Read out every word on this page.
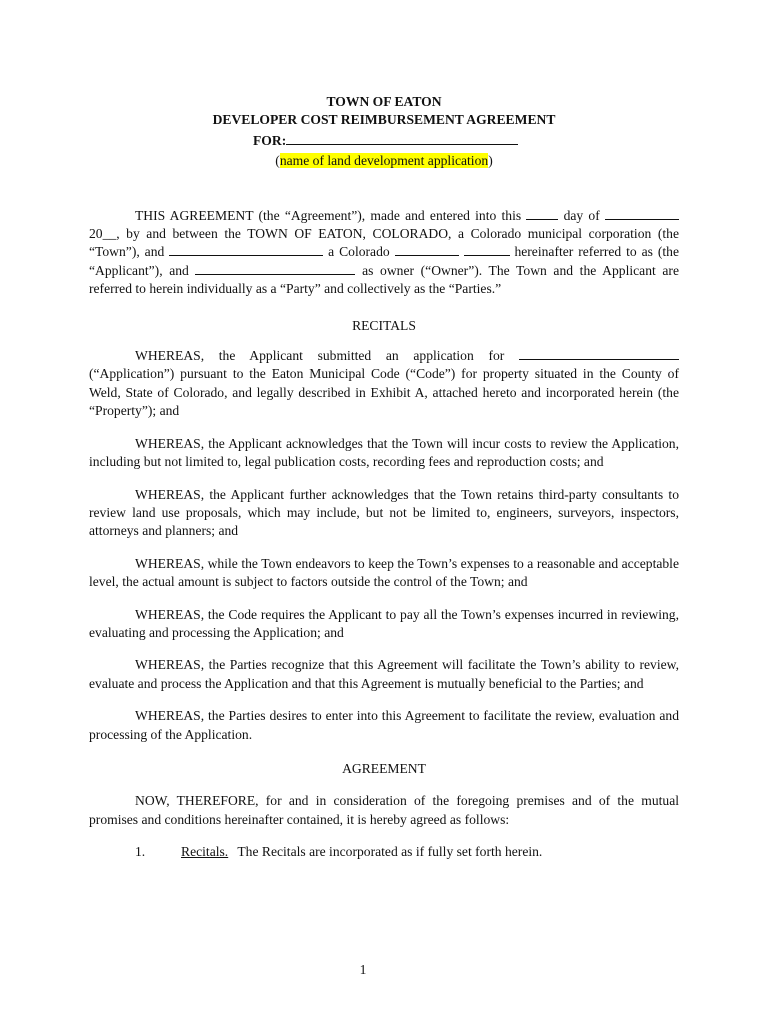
TOWN OF EATON

DEVELOPER COST REIMBURSEMENT AGREEMENT

FOR:

(name of land development application)

THIS AGREEMENT (the “Agreement”), made and entered into this	day of  20__, by and between the TOWN OF EATON, COLORADO, a Colorado municipal corporation (the “Town”), and	a Colorado	hereinafter referred to as (the “Applicant”), and	as owner (“Owner”). The Town and the Applicant are referred to herein individually as a “Party” and collectively as the “Parties.”

RECITALS

WHEREAS, the Applicant submitted an application for  (“Application”) pursuant to the Eaton Municipal Code (“Code”) for property situated in the County of Weld, State of Colorado, and legally described in Exhibit A, attached hereto and incorporated herein (the “Property”); and

WHEREAS, the Applicant acknowledges that the Town will incur costs to review the Application, including but not limited to, legal publication costs, recording fees and reproduction costs; and

WHEREAS, the Applicant further acknowledges that the Town retains third-party consultants to review land use proposals, which may include, but not be limited to, engineers, surveyors, inspectors, attorneys and planners; and

WHEREAS, while the Town endeavors to keep the Town’s expenses to a reasonable and acceptable level, the actual amount is subject to factors outside the control of the Town; and

WHEREAS, the Code requires the Applicant to pay all the Town’s expenses incurred in reviewing, evaluating and processing the Application; and

WHEREAS, the Parties recognize that this Agreement will facilitate the Town’s ability to review, evaluate and process the Application and that this Agreement is mutually beneficial to the Parties; and

WHEREAS, the Parties desires to enter into this Agreement to facilitate the review, evaluation and processing of the Application.

AGREEMENT

NOW, THEREFORE, for and in consideration of the foregoing premises and of the mutual promises and conditions hereinafter contained, it is hereby agreed as follows:

1.	Recitals. The Recitals are incorporated as if fully set forth herein.

1
